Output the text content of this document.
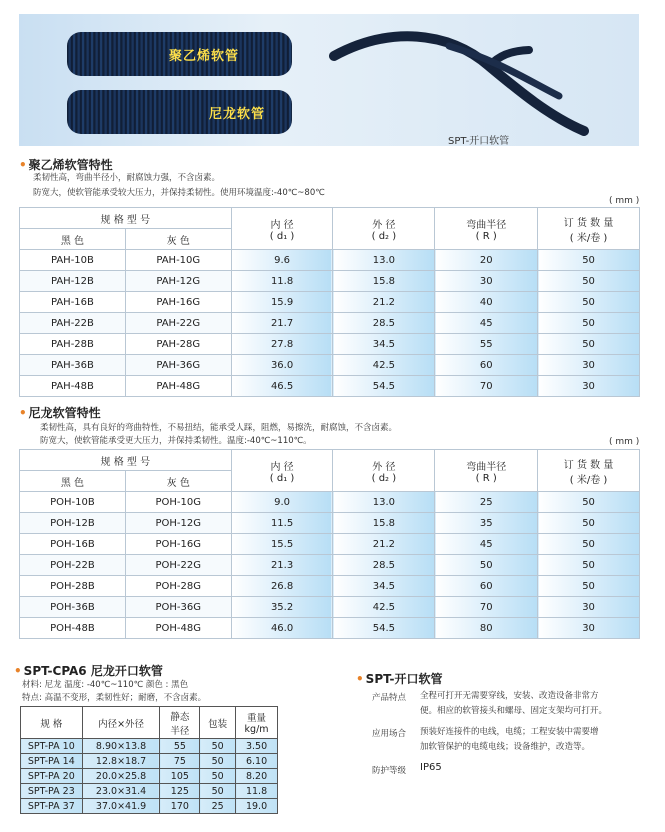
聚乙烯软管
尼龙软管
SPT-开口软管
• 聚乙烯软管特性
柔韧性高，弯曲半径小，耐腐蚀力强，不含卤素。
防宽大，使软管能承受较大压力，并保持柔韧性。使用环境温度:-40℃~80℃
( mm )
规 格 型 号		内 径
( d₁ )	外 径
( d₂ )	弯曲半径
( R )	订 货 数 量
( 米/卷 )
黑 色	灰 色				
PAH-10B	PAH-10G	9.6	13.0	20	50
PAH-12B	PAH-12G	11.8	15.8	30	50
PAH-16B	PAH-16G	15.9	21.2	40	50
PAH-22B	PAH-22G	21.7	28.5	45	50
PAH-28B	PAH-28G	27.8	34.5	55	50
PAH-36B	PAH-36G	36.0	42.5	60	30
PAH-48B	PAH-48G	46.5	54.5	70	30
• 尼龙软管特性
柔韧性高，具有良好的弯曲特性，不易扭结，能承受人踩，阻燃，易擦洗，耐腐蚀，不含卤素。
防宽大，使软管能承受更大压力，并保持柔韧性。温度:-40℃~110℃。	( mm )
规 格 型 号		内 径
( d₁ )	外 径
( d₂ )	弯曲半径
( R )	订 货 数 量
( 米/卷 )
黑 色	灰 色				
POH-10B	POH-10G	9.0	13.0	25	50
POH-12B	POH-12G	11.5	15.8	35	50
POH-16B	POH-16G	15.5	21.2	45	50
POH-22B	POH-22G	21.3	28.5	50	50
POH-28B	POH-28G	26.8	34.5	60	50
POH-36B	POH-36G	35.2	42.5	70	30
POH-48B	POH-48G	46.0	54.5	80	30
• SPT-CPA6 尼龙开口软管
材料: 尼龙 温度: -40℃~110℃ 颜色 : 黑色
特点: 高温不变形，柔韧性好；耐磨，不含卤素。
规 格	内径×外径	静态
半径	包装	重量
kg/m
SPT-PA 10	8.90×13.8	55	50	3.50
SPT-PA 14	12.8×18.7	75	50	6.10
SPT-PA 20	20.0×25.8	105	50	8.20
SPT-PA 23	23.0×31.4	125	50	11.8
SPT-PA 37	37.0×41.9	170	25	19.0
• SPT-开口软管
产品特点 全程可打开无需要穿线，安装、改造设备非常方
便。相应的软管接头和螺母、固定支架均可打开。
应用场合 预装好连接件的电线，电缆；工程安装中需要增
加软管保护的电缆电线；设备维护，改造等。
防护等级 IP65
